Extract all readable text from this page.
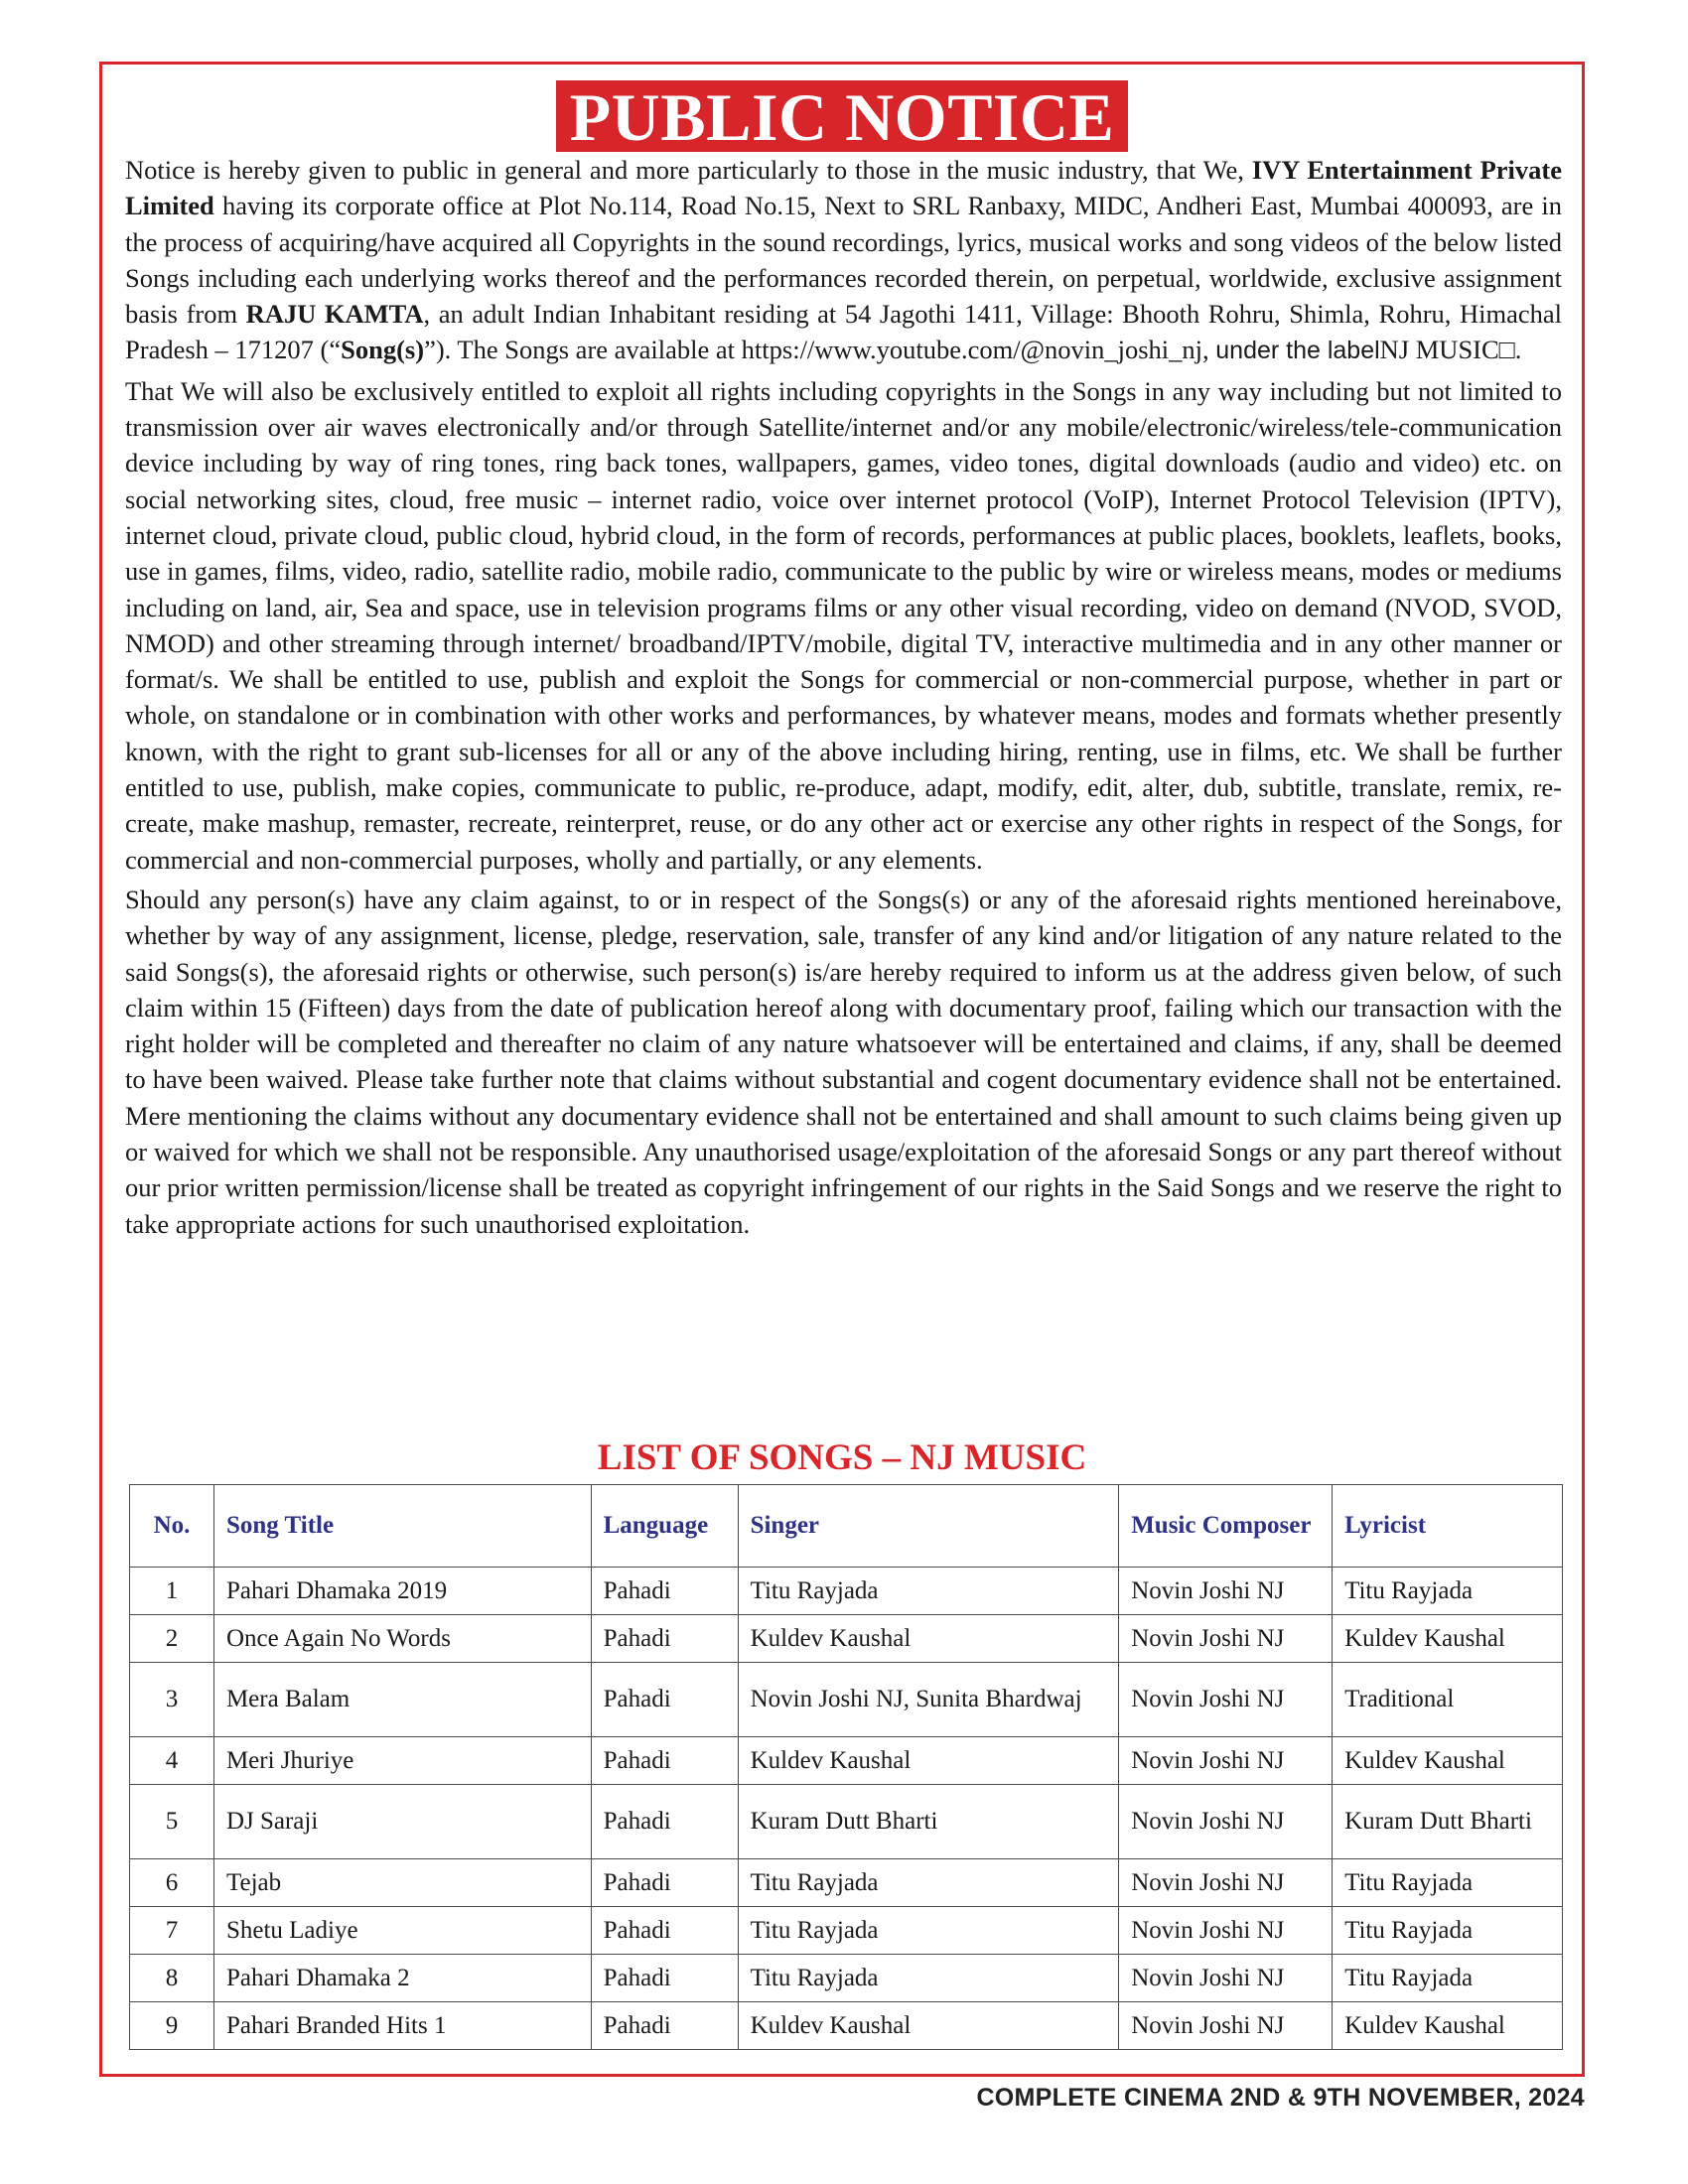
PUBLIC NOTICE

Notice is hereby given to public in general and more particularly to those in the music industry, that We, IVY Entertainment Private Limited having its corporate office at Plot No.114, Road No.15, Next to SRL Ranbaxy, MIDC, Andheri East, Mumbai 400093, are in the process of acquiring/have acquired all Copyrights in the sound recordings, lyrics, musical works and song videos of the below listed Songs including each underlying works thereof and the performances recorded therein, on perpetual, worldwide, exclusive assignment basis from RAJU KAMTA, an adult Indian Inhabitant residing at 54 Jagothi 1411, Village: Bhooth Rohru, Shimla, Rohru, Himachal Pradesh – 171207 (“Song(s)”). The Songs are available at https://www.youtube.com/@novin_joshi_nj, under the labelNJ MUSIC□.

That We will also be exclusively entitled to exploit all rights including copyrights in the Songs in any way including but not limited to transmission over air waves electronically and/or through Satellite/internet and/or any mobile/electronic/wireless/tele-communication device including by way of ring tones, ring back tones, wallpapers, games, video tones, digital downloads (audio and video) etc. on social networking sites, cloud, free music – internet radio, voice over internet protocol (VoIP), Internet Protocol Television (IPTV), internet cloud, private cloud, public cloud, hybrid cloud, in the form of records, performances at public places, booklets, leaflets, books, use in games, films, video, radio, satellite radio, mobile radio, communicate to the public by wire or wireless means, modes or mediums including on land, air, Sea and space, use in television programs films or any other visual recording, video on demand (NVOD, SVOD, NMOD) and other streaming through internet/ broadband/IPTV/mobile, digital TV, interactive multimedia and in any other manner or format/s. We shall be entitled to use, publish and exploit the Songs for commercial or non-commercial purpose, whether in part or whole, on standalone or in combination with other works and performances, by whatever means, modes and formats whether presently known, with the right to grant sub-licenses for all or any of the above including hiring, renting, use in films, etc. We shall be further entitled to use, publish, make copies, communicate to public, re-produce, adapt, modify, edit, alter, dub, subtitle, translate, remix, re-create, make mashup, remaster, recreate, reinterpret, reuse, or do any other act or exercise any other rights in respect of the Songs, for commercial and non-commercial purposes, wholly and partially, or any elements.

Should any person(s) have any claim against, to or in respect of the Songs(s) or any of the aforesaid rights mentioned hereinabove, whether by way of any assignment, license, pledge, reservation, sale, transfer of any kind and/or litigation of any nature related to the said Songs(s), the aforesaid rights or otherwise, such person(s) is/are hereby required to inform us at the address given below, of such claim within 15 (Fifteen) days from the date of publication hereof along with documentary proof, failing which our transaction with the right holder will be completed and thereafter no claim of any nature whatsoever will be entertained and claims, if any, shall be deemed to have been waived. Please take further note that claims without substantial and cogent documentary evidence shall not be entertained. Mere mentioning the claims without any documentary evidence shall not be entertained and shall amount to such claims being given up or waived for which we shall not be responsible. Any unauthorised usage/exploitation of the aforesaid Songs or any part thereof without our prior written permission/license shall be treated as copyright infringement of our rights in the Said Songs and we reserve the right to take appropriate actions for such unauthorised exploitation.

LIST OF SONGS – NJ MUSIC
No.	Song Title	Language	Singer	Music Composer	Lyricist
1	Pahari Dhamaka 2019	Pahadi	Titu Rayjada	Novin Joshi NJ	Titu Rayjada
2	Once Again No Words	Pahadi	Kuldev Kaushal	Novin Joshi NJ	Kuldev Kaushal
3	Mera Balam	Pahadi	Novin Joshi NJ, Sunita Bhardwaj	Novin Joshi NJ	Traditional
4	Meri Jhuriye	Pahadi	Kuldev Kaushal	Novin Joshi NJ	Kuldev Kaushal
5	DJ Saraji	Pahadi	Kuram Dutt Bharti	Novin Joshi NJ	Kuram Dutt Bharti
6	Tejab	Pahadi	Titu Rayjada	Novin Joshi NJ	Titu Rayjada
7	Shetu Ladiye	Pahadi	Titu Rayjada	Novin Joshi NJ	Titu Rayjada
8	Pahari Dhamaka 2	Pahadi	Titu Rayjada	Novin Joshi NJ	Titu Rayjada
9	Pahari Branded Hits 1	Pahadi	Kuldev Kaushal	Novin Joshi NJ	Kuldev Kaushal
COMPLETE CINEMA 2ND & 9TH NOVEMBER, 2024
